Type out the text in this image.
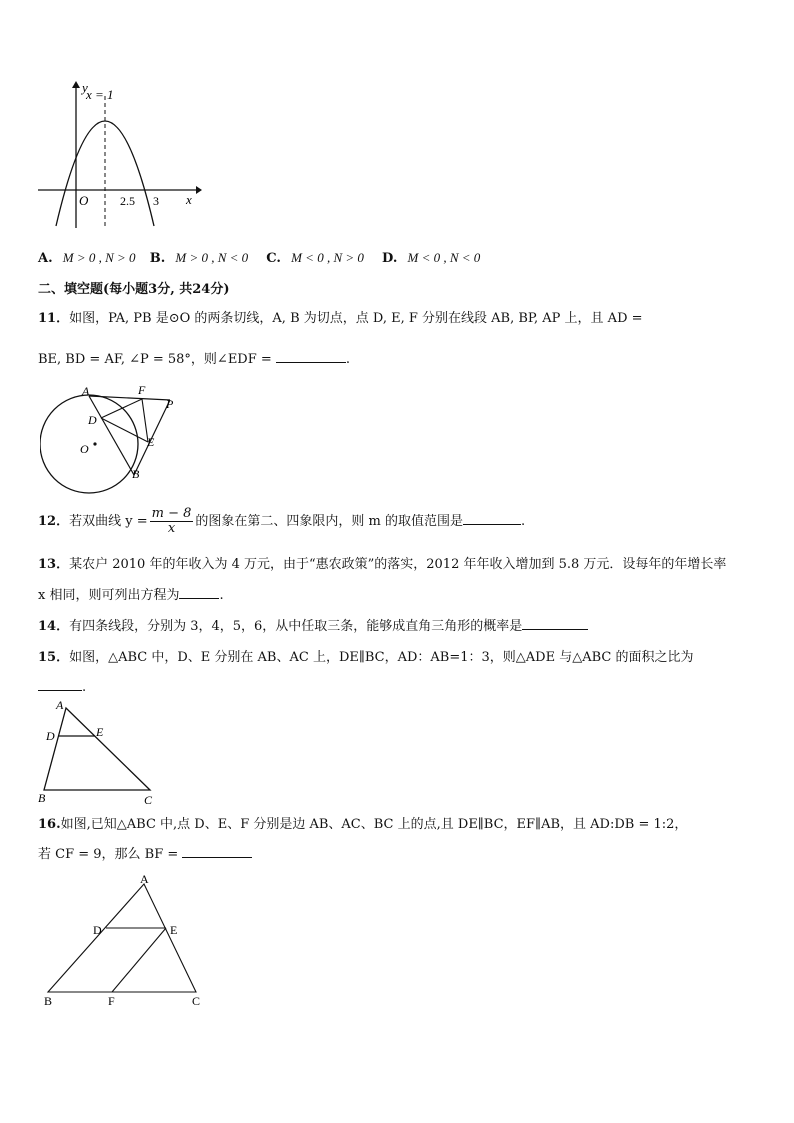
y
x = 1
O	2.5 3 x
A. M > 0 , N > 0 B. M > 0 , N < 0 C. M < 0 , N > 0 D. M < 0 , N < 0
二、填空题(每小题3分, 共24分)
11．如图，PA, PB 是⊙O 的两条切线，A, B 为切点，点 D, E, F 分别在线段 AB, BP, AP 上，且 AD =
BE, BD = AF, ∠P = 58°，则∠EDF =	.
A	F
P
D
E
O
B
12．若双曲线 $y = \frac{m - 8}{x}$ 的图象在第二、四象限内，则 m 的取值范围是	.
13．某农户 2010 年的年收入为 4 万元，由于“惠农政策”的落实，2012 年年收入增加到 5.8 万元．设每年的年增长率
x 相同，则可列出方程为	.
14．有四条线段，分别为 3，4，5，6，从中任取三条，能够成直角三角形的概率是
15．如图，△ABC 中，D、E 分别在 AB、AC 上，DE∥BC，AD：AB=1：3，则△ADE 与△ABC 的面积之比为
.
A
D	E
B	C
16.如图,已知△ABC 中,点 D、E、F 分别是边 AB、AC、BC 上的点,且 DE∥BC，EF∥AB，且 AD:DB = 1:2，
若 CF = 9，那么 BF =
A
D	E
B	F	C
